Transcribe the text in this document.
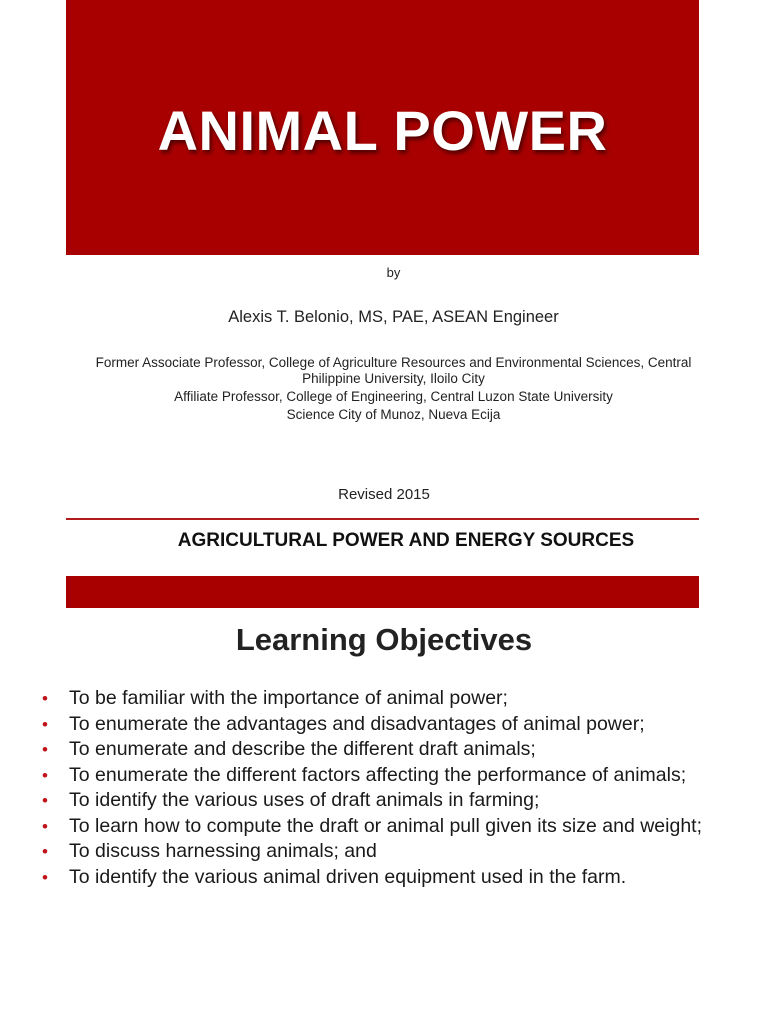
ANIMAL POWER
by
Alexis T. Belonio, MS, PAE, ASEAN Engineer
Former Associate Professor, College of Agriculture Resources and Environmental Sciences, Central Philippine University, Iloilo City
Affiliate Professor, College of Engineering, Central Luzon State University
Science City of Munoz, Nueva Ecija
Revised 2015
AGRICULTURAL POWER AND ENERGY SOURCES
Learning Objectives
• To be familiar with the importance of animal power;
• To enumerate the advantages and disadvantages of animal power;
• To enumerate and describe the different draft animals;
• To enumerate the different factors affecting the performance of animals;
• To identify the various uses of draft animals in farming;
• To learn how to compute the draft or animal pull given its size and weight;
• To discuss harnessing animals; and
• To identify the various animal driven equipment used in the farm.
